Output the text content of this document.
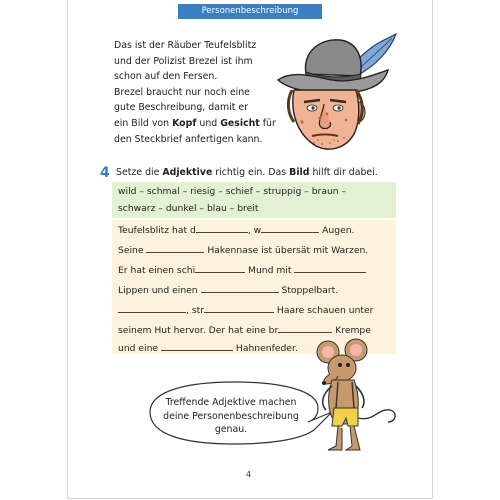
Personenbeschreibung
Das ist der Räuber Teufelsblitz
und der Polizist Brezel ist ihm
schon auf den Fersen.
Brezel braucht nur noch eine
gute Beschreibung, damit er
ein Bild von Kopf und Gesicht für
den Steckbrief anfertigen kann.
4 Setze die Adjektive richtig ein. Das Bild hilft dir dabei.
wild – schmal – riesig – schief – struppig – braun –
schwarz – dunkel – blau – breit
Teufelsblitz hat d	, w	Augen.
Seine	Hakennase ist übersät mit Warzen.
Er hat einen schi	Mund mit
Lippen und einen	Stoppelbart.
, str	Haare schauen unter
seinem Hut hervor. Der hat eine br	Krempe
und eine	Hahnenfeder.
Treffende Adjektive machen
deine Personenbeschreibung
genau.
4
